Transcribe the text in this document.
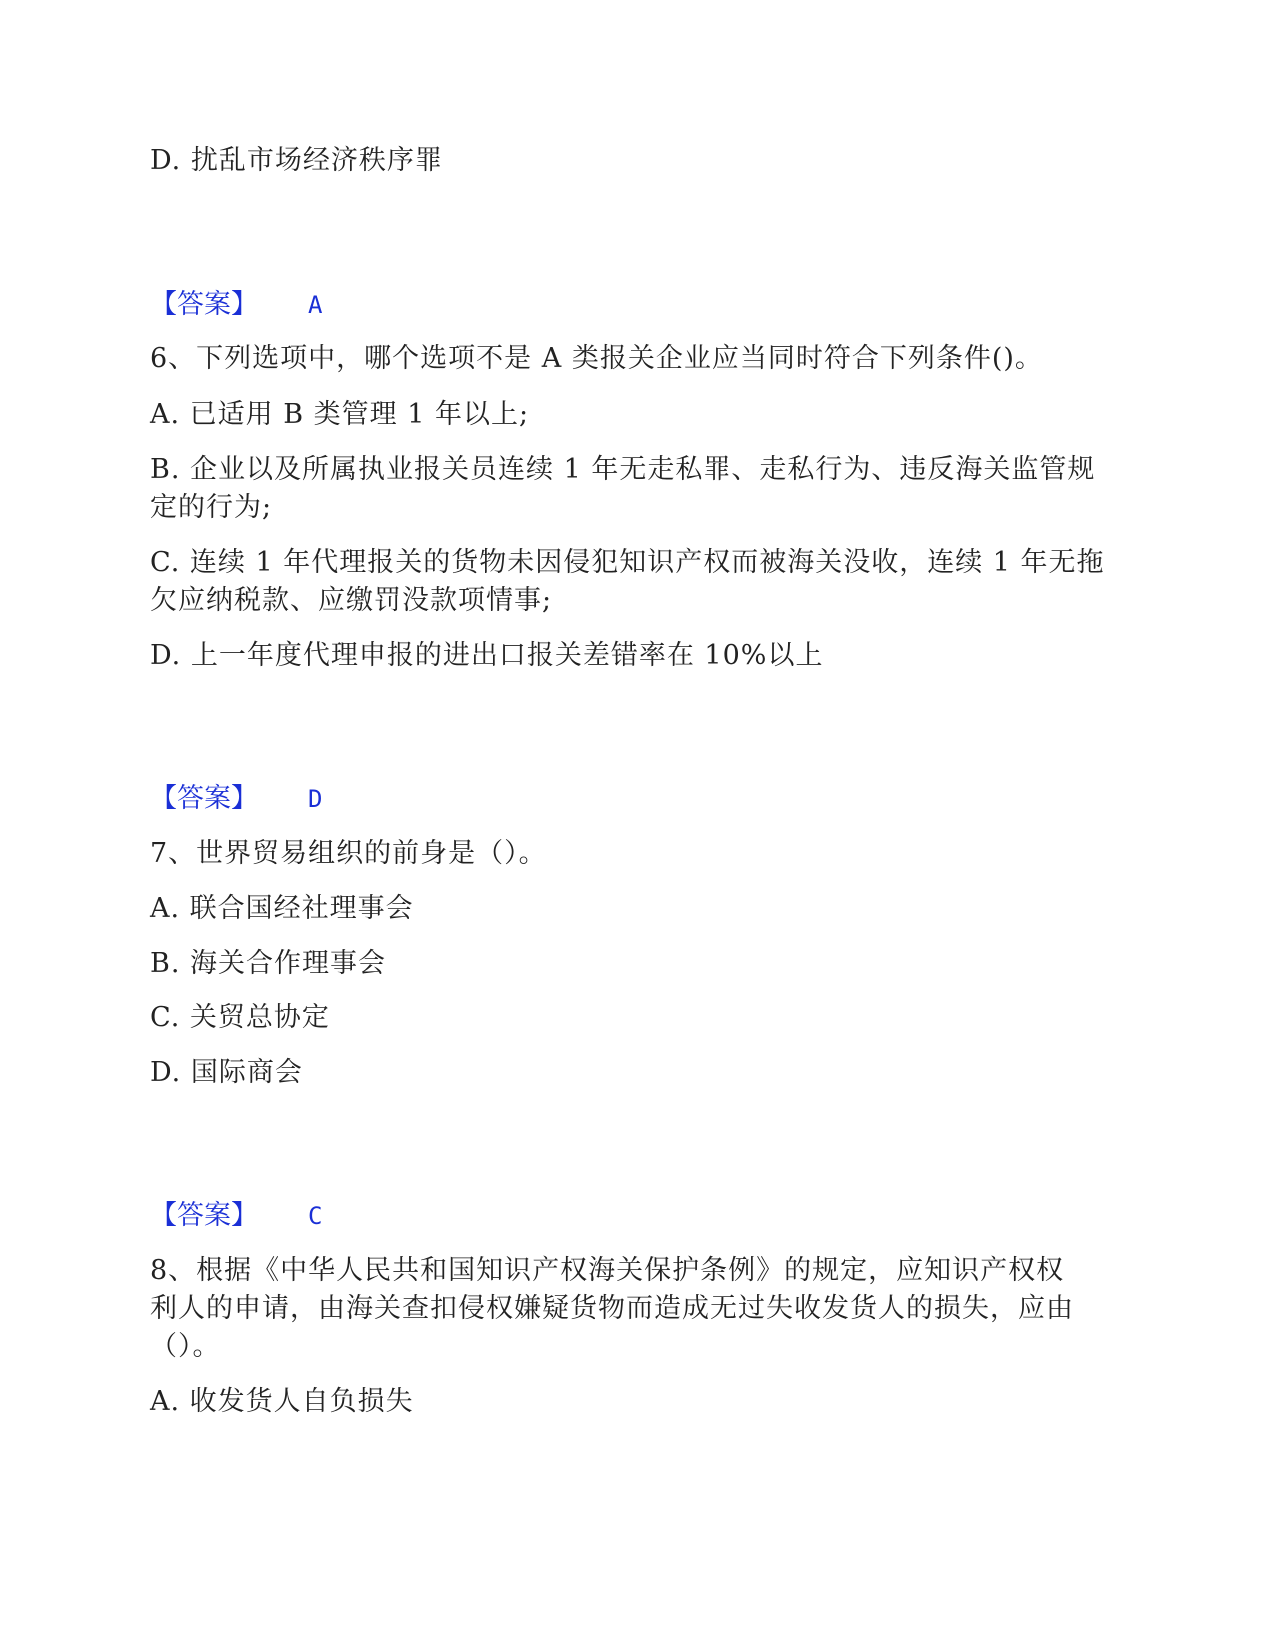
D. 扰乱市场经济秩序罪
【答案】 A
6、下列选项中，哪个选项不是 A 类报关企业应当同时符合下列条件()。
A. 已适用 B 类管理 1 年以上;
B. 企业以及所属执业报关员连续 1 年无走私罪、走私行为、违反海关监管规
定的行为;
C. 连续 1 年代理报关的货物未因侵犯知识产权而被海关没收，连续 1 年无拖
欠应纳税款、应缴罚没款项情事;
D. 上一年度代理申报的进出口报关差错率在 10%以上
【答案】 D
7、世界贸易组织的前身是（）。
A. 联合国经社理事会
B. 海关合作理事会
C. 关贸总协定
D. 国际商会
【答案】 C
8、根据《中华人民共和国知识产权海关保护条例》的规定，应知识产权权
利人的申请，由海关查扣侵权嫌疑货物而造成无过失收发货人的损失，应由
（）。
A. 收发货人自负损失
